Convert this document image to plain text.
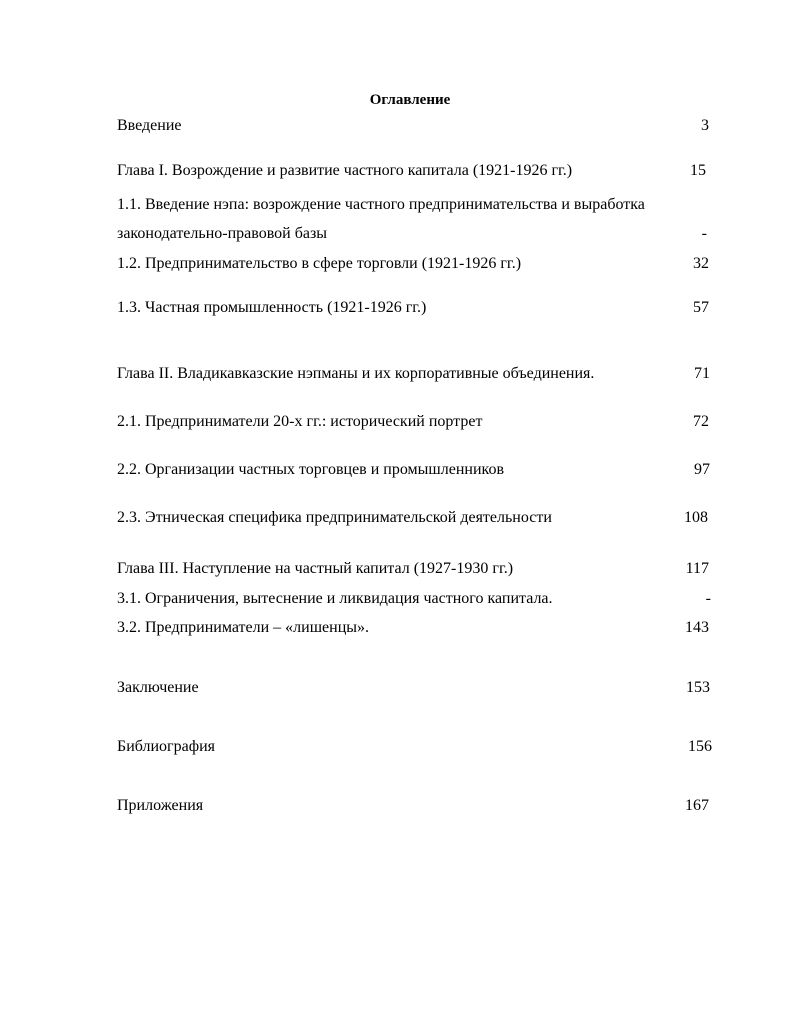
Оглавление
Введение	3
Глава I. Возрождение и развитие частного капитала (1921-1926 гг.)	15
1.1. Введение нэпа: возрождение частного предпринимательства и выработка
законодательно-правовой базы	-
1.2. Предпринимательство в сфере торговли (1921-1926 гг.)	32
1.3. Частная промышленность (1921-1926 гг.)	57
Глава II. Владикавказские нэпманы и их корпоративные объединения.	71
2.1. Предприниматели 20-х гг.: исторический портрет	72
2.2. Организации частных торговцев и промышленников	97
2.3. Этническая специфика предпринимательской деятельности	108
Глава III. Наступление на частный капитал (1927-1930 гг.)	117
3.1. Ограничения, вытеснение и ликвидация частного капитала.	-
3.2. Предприниматели – «лишенцы».	143
Заключение	153
Библиография	156
Приложения	167
